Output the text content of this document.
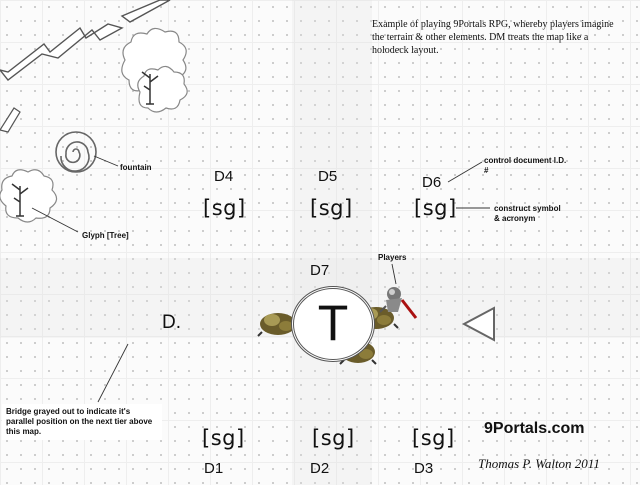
Example of playing 9Portals RPG, whereby players imagine the terrain & other elements. DM treats the map like a holodeck layout.
fountain
Glyph [Tree]
Players
control document I.D. #
construct symbol & acronym
Bridge grayed out to indicate it's parallel position on the next tier above this map.
D4	D5	D6
[sg]	[sg]	[sg]
D7
D.	T
[sg]	[sg]	[sg]
D1	D2	D3
9Portals.com
Thomas P. Walton 2011
